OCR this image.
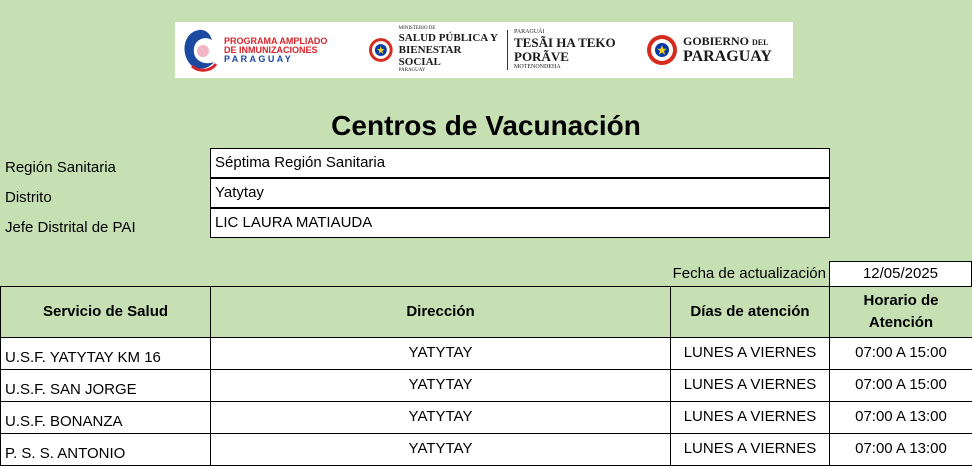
PROGRAMA AMPLIADO
DE INMUNIZACIONES
PARAGUAY
MINISTERIO DE
SALUD PÚBLICA Y
BIENESTAR SOCIAL
PARAGUAY
PARAGUÁI
TESÃI HA TEKO
PORÃVE
MOTENONDEHA
GOBIERNO DEL
PARAGUAY
Centros de Vacunación
Región Sanitaria	Séptima Región Sanitaria
Distrito	Yatytay
Jefe Distrital de PAI	LIC LAURA MATIAUDA
Fecha de actualización	12/05/2025
Servicio de Salud	Dirección	Días de atención	Horario de Atención
U.S.F. YATYTAY KM 16	YATYTAY	LUNES A VIERNES	07:00 A 15:00
U.S.F. SAN JORGE	YATYTAY	LUNES A VIERNES	07:00 A 15:00
U.S.F. BONANZA	YATYTAY	LUNES A VIERNES	07:00 A 13:00
P. S. S. ANTONIO	YATYTAY	LUNES A VIERNES	07:00 A 13:00
